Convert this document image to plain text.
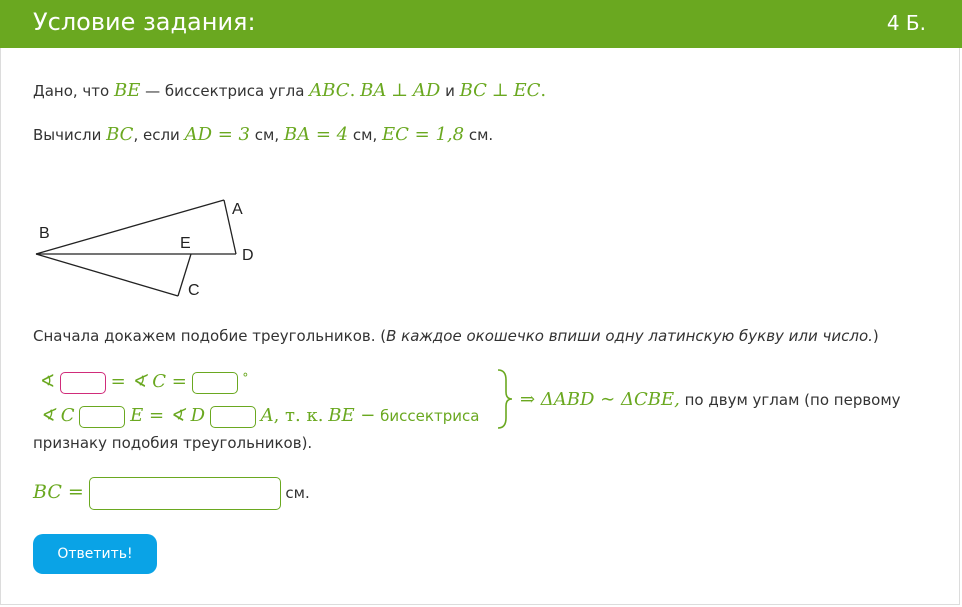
Условие задания:	4 Б.
Дано, что BE — биссектриса угла ABC. BA ⊥ AD и BC ⊥ EC.
Вычисли BC, если AD = 3 см, BA = 4 см, EC = 1,8 см.
A
B
C
D
E
Сначала докажем подобие треугольников. (В каждое окошечко впиши одну латинскую букву или число.)
∢	= ∢ C =	°
∢ C	E = ∢ D	A, т. к. BE − биссектриса
⇒ ΔABD ∼ ΔCBE, по двум углам (по первому
признаку подобия треугольников).
BC =	см.
Ответить!
